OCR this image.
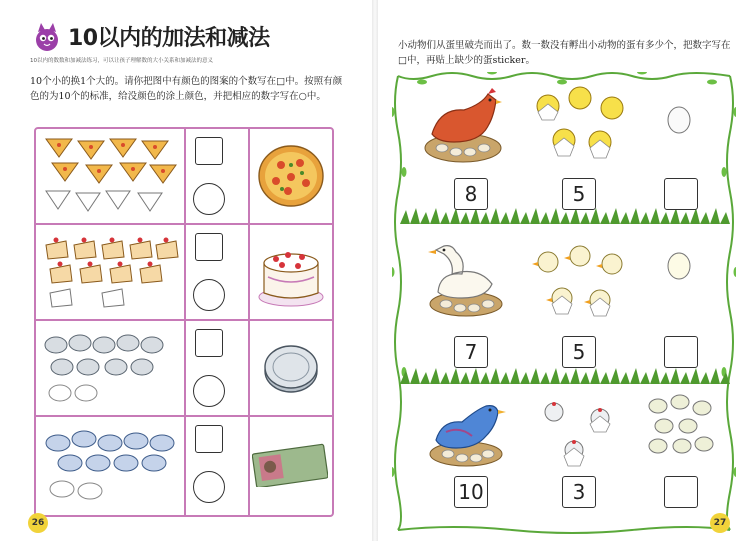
10以内的加法和减法
10以内的数数和加减法练习，可以让孩子理解数的大小关系和加减法的意义
10个小的换1个大的。请你把图中有颜色的图案的个数写在□中。按照有颜色的为10个的标准，给没颜色的涂上颜色，并把相应的数字写在○中。
26
小动物们从蛋里破壳而出了。数一数没有孵出小动物的蛋有多少个，把数字写在□中，再贴上缺少的蛋sticker。
8	5
7	5
10	3
27
